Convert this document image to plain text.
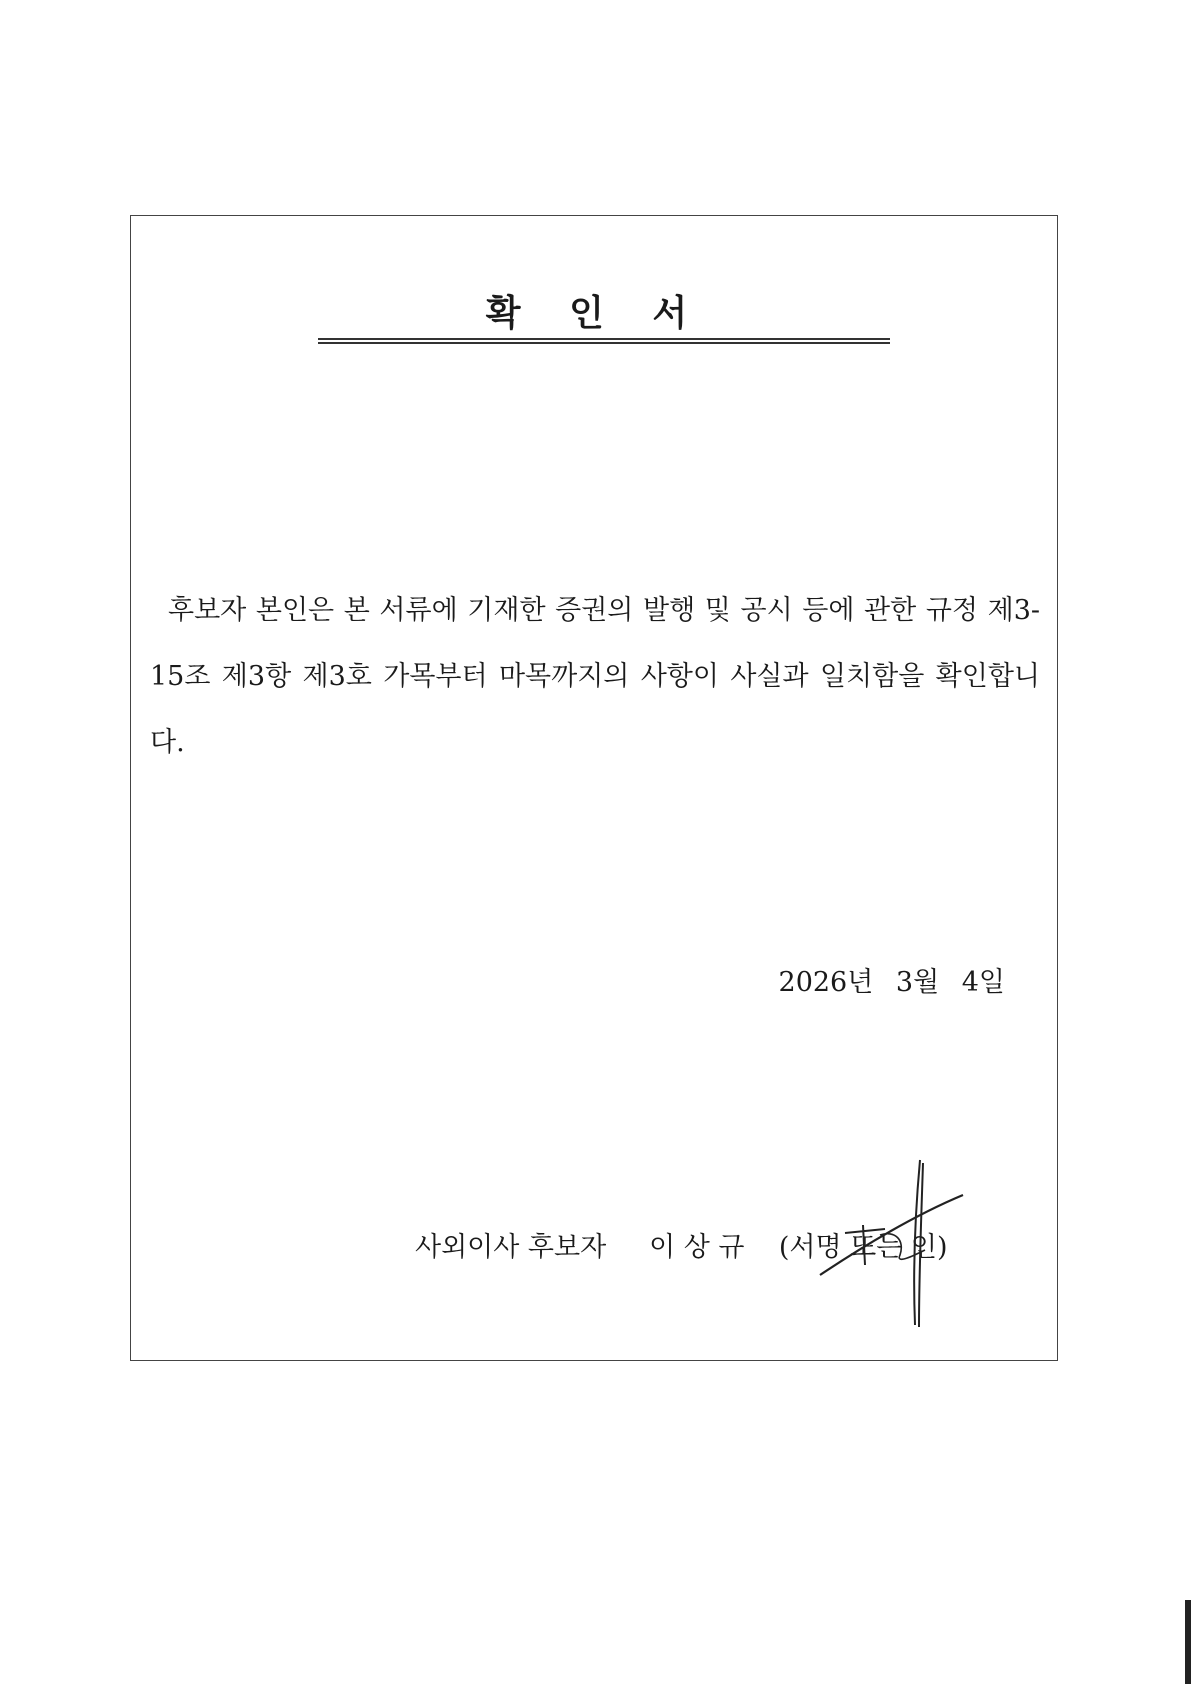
확 인 서
후보자 본인은 본 서류에 기재한 증권의 발행 및 공시 등에 관한 규정 제3-15조 제3항 제3호 가목부터 마목까지의 사항이 사실과 일치함을 확인합니다.
2026년 3월 4일
사외이사 후보자 이 상 규 (서명 또는 인)
